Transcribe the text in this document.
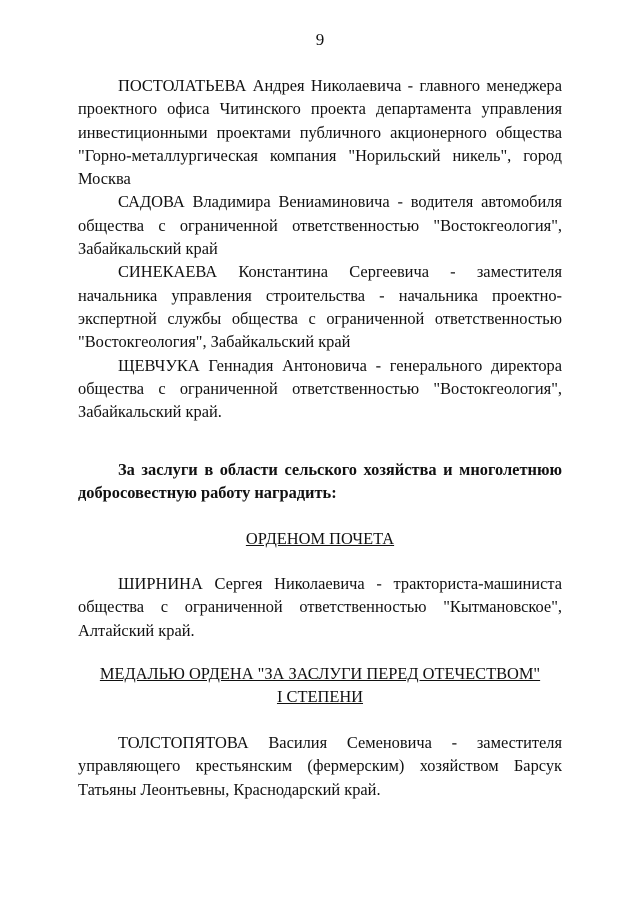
9

ПОСТОЛАТЬЕВА Андрея Николаевича - главного менеджера проектного офиса Читинского проекта департамента управления инвестиционными проектами публичного акционерного общества "Горно-металлургическая компания "Норильский никель", город Москва

САДОВА Владимира Вениаминовича - водителя автомобиля общества с ограниченной ответственностью "Востокгеология", Забайкальский край

СИНЕКАЕВА Константина Сергеевича - заместителя начальника управления строительства - начальника проектно-экспертной службы общества с ограниченной ответственностью "Востокгеология", Забайкальский край

ЩЕВЧУКА Геннадия Антоновича - генерального директора общества с ограниченной ответственностью "Востокгеология", Забайкальский край.

За заслуги в области сельского хозяйства и многолетнюю добросовестную работу наградить:

ОРДЕНОМ ПОЧЕТА

ШИРНИНА Сергея Николаевича - тракториста-машиниста общества с ограниченной ответственностью "Кытмановское", Алтайский край.

МЕДАЛЬЮ ОРДЕНА "ЗА ЗАСЛУГИ ПЕРЕД ОТЕЧЕСТВОМ"
I СТЕПЕНИ

ТОЛСТОПЯТОВА Василия Семеновича - заместителя управляющего крестьянским (фермерским) хозяйством Барсук Татьяны Леонтьевны, Краснодарский край.
